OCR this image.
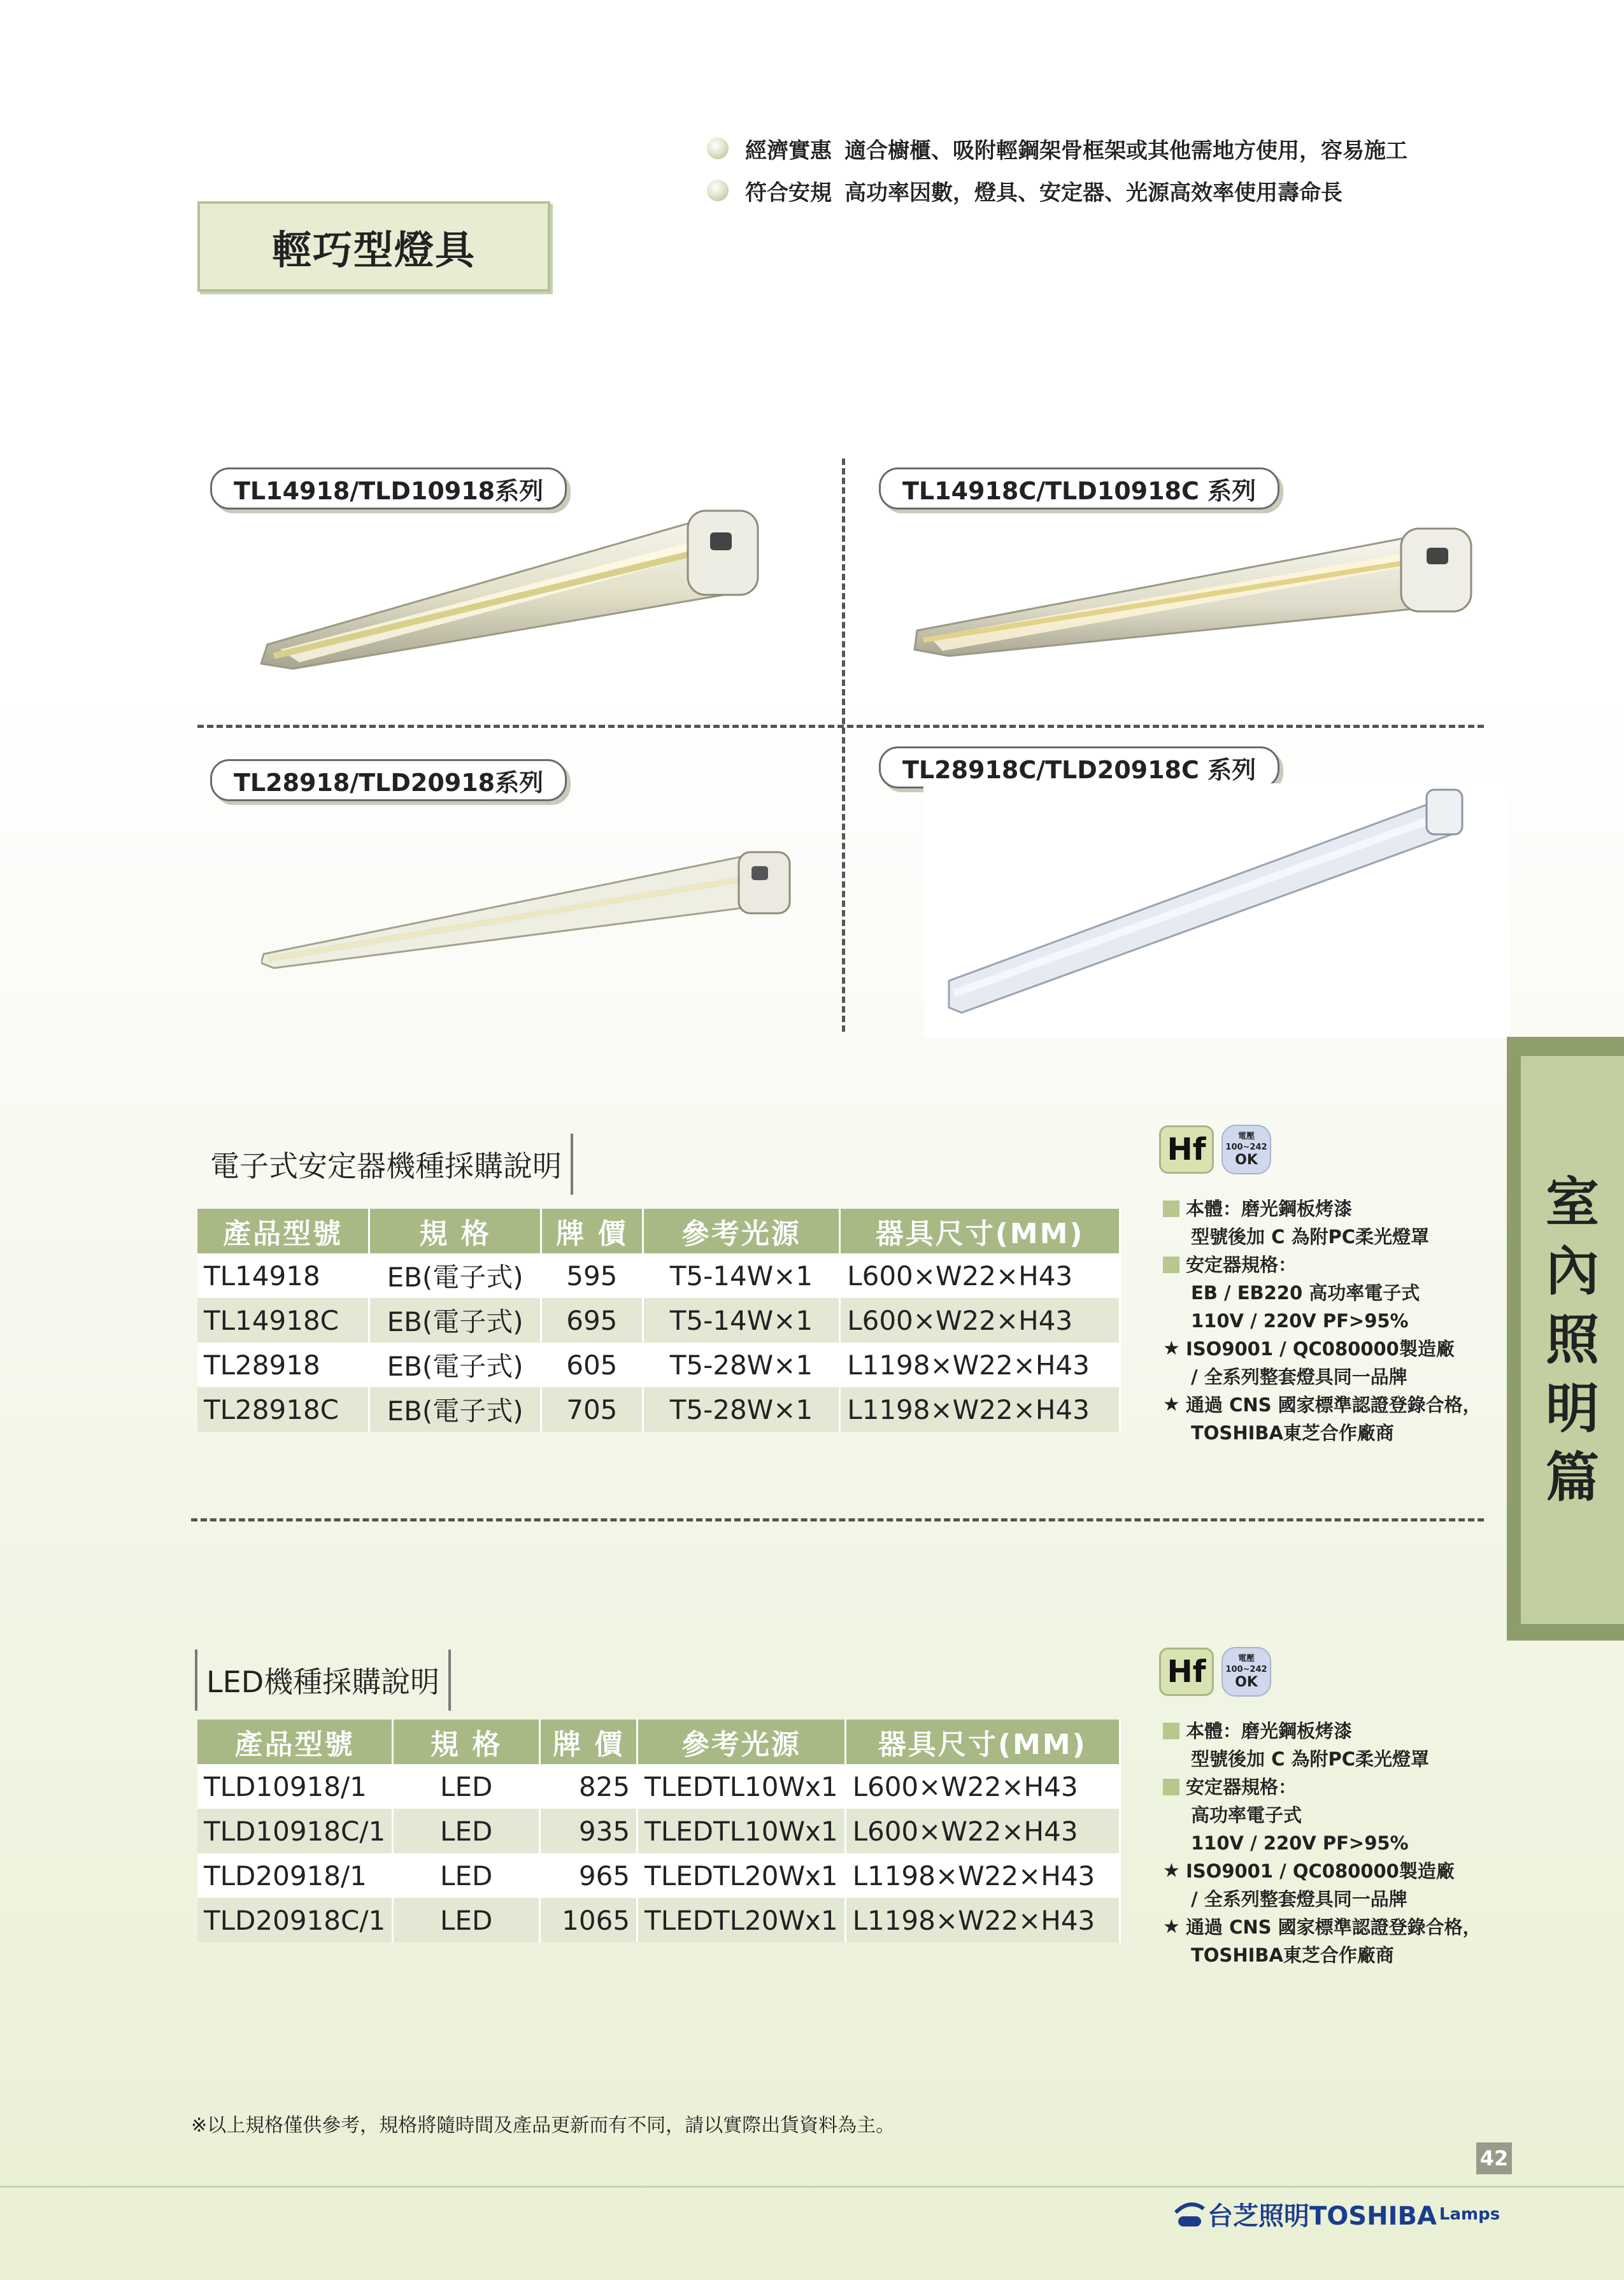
經濟實惠 適合櫥櫃、吸附輕鋼架骨框架或其他需地方使用，容易施工
符合安規 高功率因數，燈具、安定器、光源高效率使用壽命長
輕巧型燈具
TL14918/TLD10918系列	TL14918C/TLD10918C 系列
TL28918/TLD20918系列	TL28918C/TLD20918C 系列
電子式安定器機種採購說明
產品型號	規 格	牌 價	參考光源	器具尺寸(MM)
TL14918	EB(電子式)	595	T5-14W×1	L600×W22×H43
TL14918C	EB(電子式)	695	T5-14W×1	L600×W22×H43
TL28918	EB(電子式)	605	T5-28W×1	L1198×W22×H43
TL28918C	EB(電子式)	705	T5-28W×1	L1198×W22×H43
Hf	電壓
100~242
OK
本體：磨光鋼板烤漆
型號後加 C 為附PC柔光燈罩
安定器規格：
EB / EB220 高功率電子式
110V / 220V PF>95%
★ ISO9001 / QC080000製造廠
/ 全系列整套燈具同一品牌
★ 通過 CNS 國家標準認證登錄合格，
TOSHIBA東芝合作廠商
LED機種採購說明
產品型號	規 格	牌 價	參考光源	器具尺寸(MM)
TLD10918/1	LED	825	TLEDTL10Wx1	L600×W22×H43
TLD10918C/1	LED	935	TLEDTL10Wx1	L600×W22×H43
TLD20918/1	LED	965	TLEDTL20Wx1	L1198×W22×H43
TLD20918C/1	LED	1065	TLEDTL20Wx1	L1198×W22×H43
Hf	電壓
100~242
OK
本體：磨光鋼板烤漆
型號後加 C 為附PC柔光燈罩
安定器規格：
高功率電子式
110V / 220V PF>95%
★ ISO9001 / QC080000製造廠
/ 全系列整套燈具同一品牌
★ 通過 CNS 國家標準認證登錄合格，
TOSHIBA東芝合作廠商
室
內
照
明
篇
※以上規格僅供參考，規格將隨時間及產品更新而有不同，請以實際出貨資料為主。
42
台芝照明TOSHIBA Lamps
